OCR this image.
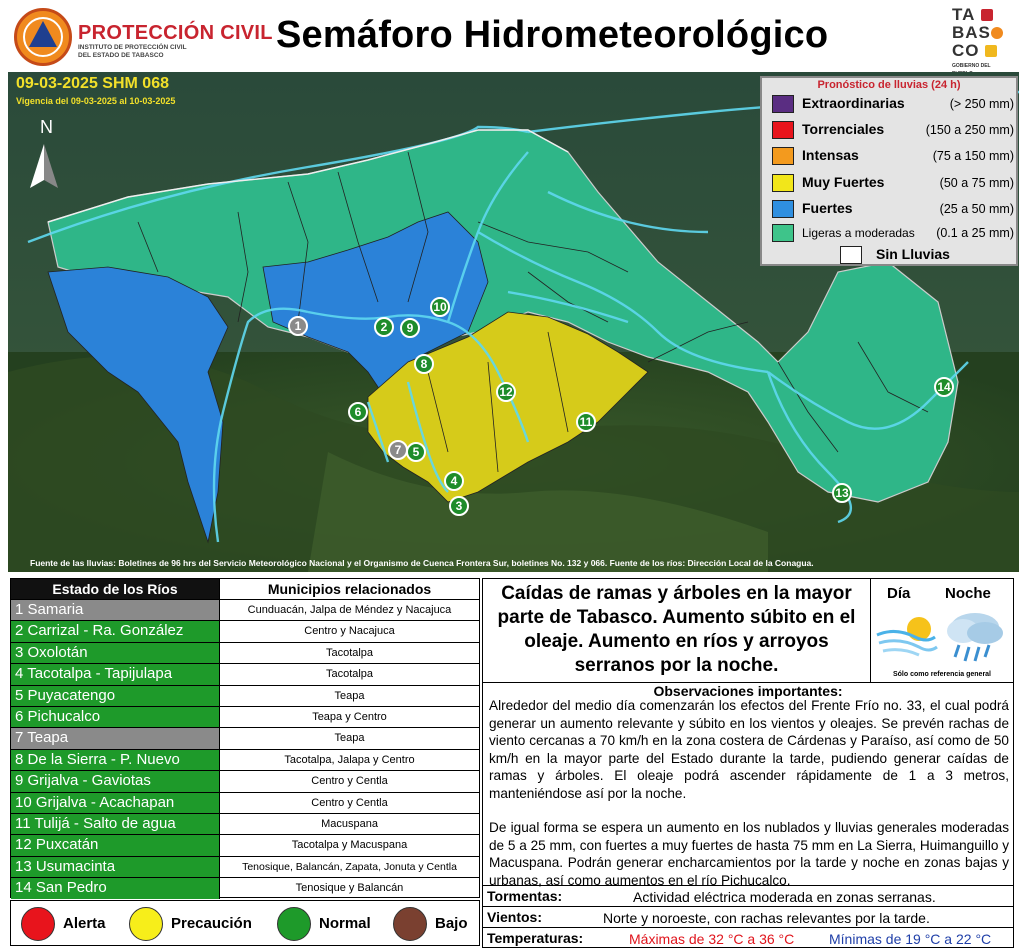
PROTECCIÓN CIVIL
INSTITUTO DE PROTECCIÓN CIVIL DEL ESTADO DE TABASCO	Semáforo Hidrometeorológico	TA
BAS
CO
GOBIERNO DEL
09-03-2025 SHM 068
Vigencia del 09-03-2025 al 10-03-2025
N
1	2
3
4
5
6
7
8
9
10
11
12
13
14
Fuente de las lluvias: Boletines de 96 hrs del Servicio Meteorológico Nacional y el Organismo de Cuenca Frontera Sur, boletines No. 132 y 066. Fuente de los ríos: Dirección Local de la Conagua.
Pronóstico de lluvias (24 h)
Extraordinarias	(> 250 mm)
Torrenciales	(150 a 250 mm)
Intensas	(75 a 150 mm)
Muy Fuertes	(50 a 75 mm)
Fuertes	(25 a 50 mm)
Ligeras a moderadas (0.1 a 25 mm)
Sin Lluvias
Estado de los Ríos	Municipios relacionados
1 Samaria	Cunduacán, Jalpa de Méndez y Nacajuca
2 Carrizal - Ra. González	Centro y Nacajuca
3 Oxolotán	Tacotalpa
4 Tacotalpa - Tapijulapa	Tacotalpa
5 Puyacatengo	Teapa
6 Pichucalco	Teapa y Centro
7 Teapa	Teapa
8 De la Sierra - P. Nuevo	Tacotalpa, Jalapa y Centro
9 Grijalva - Gaviotas	Centro y Centla
10 Grijalva - Acachapan	Centro y Centla
11 Tulijá - Salto de agua	Macuspana
12 Puxcatán	Tacotalpa y Macuspana
13 Usumacinta	Tenosique, Balancán, Zapata, Jonuta y Centla
14 San Pedro	Tenosique y Balancán
Alerta	Precaución	Normal	Bajo
Caídas de ramas y árboles en la mayor parte de Tabasco. Aumento súbito en el oleaje. Aumento en ríos y arroyos serranos por la noche.
Día Noche
Sólo como referencia general
Observaciones importantes:

Alrededor del medio día comenzarán los efectos del Frente Frío no. 33, el cual podrá generar un aumento relevante y súbito en los vientos y oleajes. Se prevén rachas de viento cercanas a 70 km/h en la zona costera de Cárdenas y Paraíso, así como de 50 km/h en la mayor parte del Estado durante la tarde, pudiendo generar caídas de ramas y árboles. El oleaje podrá ascender rápidamente de 1 a 3 metros, manteniéndose así por la noche.

De igual forma se espera un aumento en los nublados y lluvias generales moderadas de 5 a 25 mm, con fuertes a muy fuertes de hasta 75 mm en La Sierra, Huimanguillo y Macuspana. Podrán generar encharcamientos por la tarde y noche en zonas bajas y urbanas, así como aumentos en el río Pichucalco.

Tormentas:	Actividad eléctrica moderada en zonas serranas.
Vientos:	Norte y noroeste, con rachas relevantes por la tarde.
Temperaturas:	Máximas de 32 °C a 36 °C Mínimas de 19 °C a 22 °C
